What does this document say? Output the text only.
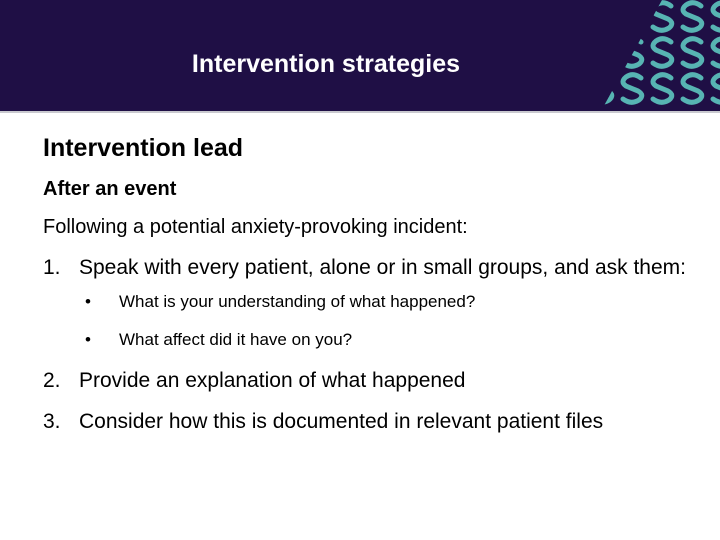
Intervention strategies
Intervention lead
After an event
Following a potential anxiety-provoking incident:
1. Speak with every patient, alone or in small groups, and ask them:
• What is your understanding of what happened?
• What affect did it have on you?
2. Provide an explanation of what happened
3. Consider how this is documented in relevant patient files
